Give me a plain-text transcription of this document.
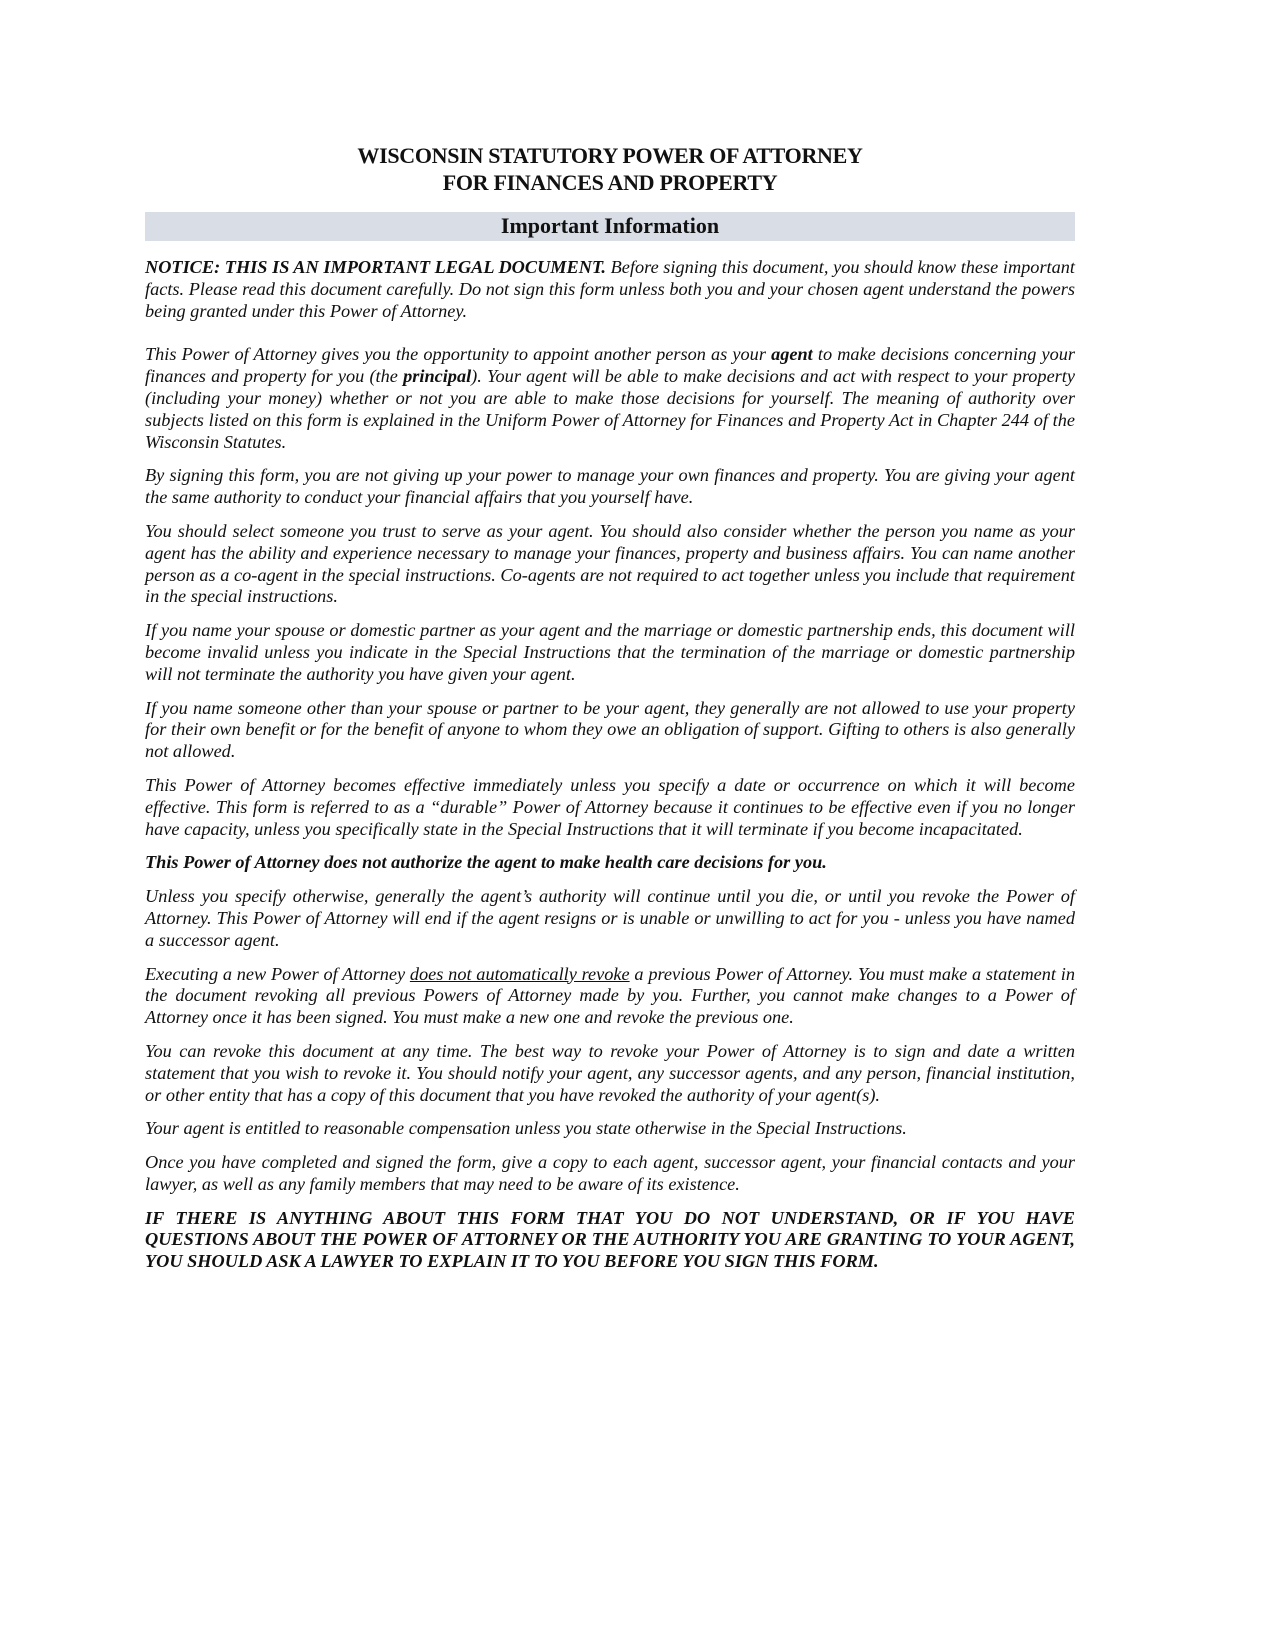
WISCONSIN STATUTORY POWER OF ATTORNEY
FOR FINANCES AND PROPERTY
Important Information

NOTICE: THIS IS AN IMPORTANT LEGAL DOCUMENT. Before signing this document, you should know these important facts. Please read this document carefully. Do not sign this form unless both you and your chosen agent understand the powers being granted under this Power of Attorney.

This Power of Attorney gives you the opportunity to appoint another person as your agent to make decisions concerning your finances and property for you (the principal). Your agent will be able to make decisions and act with respect to your property (including your money) whether or not you are able to make those decisions for yourself. The meaning of authority over subjects listed on this form is explained in the Uniform Power of Attorney for Finances and Property Act in Chapter 244 of the Wisconsin Statutes.

By signing this form, you are not giving up your power to manage your own finances and property. You are giving your agent the same authority to conduct your financial affairs that you yourself have.

You should select someone you trust to serve as your agent. You should also consider whether the person you name as your agent has the ability and experience necessary to manage your finances, property and business affairs. You can name another person as a co-agent in the special instructions. Co-agents are not required to act together unless you include that requirement in the special instructions.

If you name your spouse or domestic partner as your agent and the marriage or domestic partnership ends, this document will become invalid unless you indicate in the Special Instructions that the termination of the marriage or domestic partnership will not terminate the authority you have given your agent.

If you name someone other than your spouse or partner to be your agent, they generally are not allowed to use your property for their own benefit or for the benefit of anyone to whom they owe an obligation of support. Gifting to others is also generally not allowed.

This Power of Attorney becomes effective immediately unless you specify a date or occurrence on which it will become effective. This form is referred to as a “durable” Power of Attorney because it continues to be effective even if you no longer have capacity, unless you specifically state in the Special Instructions that it will terminate if you become incapacitated.

This Power of Attorney does not authorize the agent to make health care decisions for you.

Unless you specify otherwise, generally the agent’s authority will continue until you die, or until you revoke the Power of Attorney. This Power of Attorney will end if the agent resigns or is unable or unwilling to act for you - unless you have named a successor agent.

Executing a new Power of Attorney does not automatically revoke a previous Power of Attorney. You must make a statement in the document revoking all previous Powers of Attorney made by you. Further, you cannot make changes to a Power of Attorney once it has been signed. You must make a new one and revoke the previous one.

You can revoke this document at any time. The best way to revoke your Power of Attorney is to sign and date a written statement that you wish to revoke it. You should notify your agent, any successor agents, and any person, financial institution, or other entity that has a copy of this document that you have revoked the authority of your agent(s).

Your agent is entitled to reasonable compensation unless you state otherwise in the Special Instructions.

Once you have completed and signed the form, give a copy to each agent, successor agent, your financial contacts and your lawyer, as well as any family members that may need to be aware of its existence.

IF THERE IS ANYTHING ABOUT THIS FORM THAT YOU DO NOT UNDERSTAND, OR IF YOU HAVE QUESTIONS ABOUT THE POWER OF ATTORNEY OR THE AUTHORITY YOU ARE GRANTING TO YOUR AGENT, YOU SHOULD ASK A LAWYER TO EXPLAIN IT TO YOU BEFORE YOU SIGN THIS FORM.
